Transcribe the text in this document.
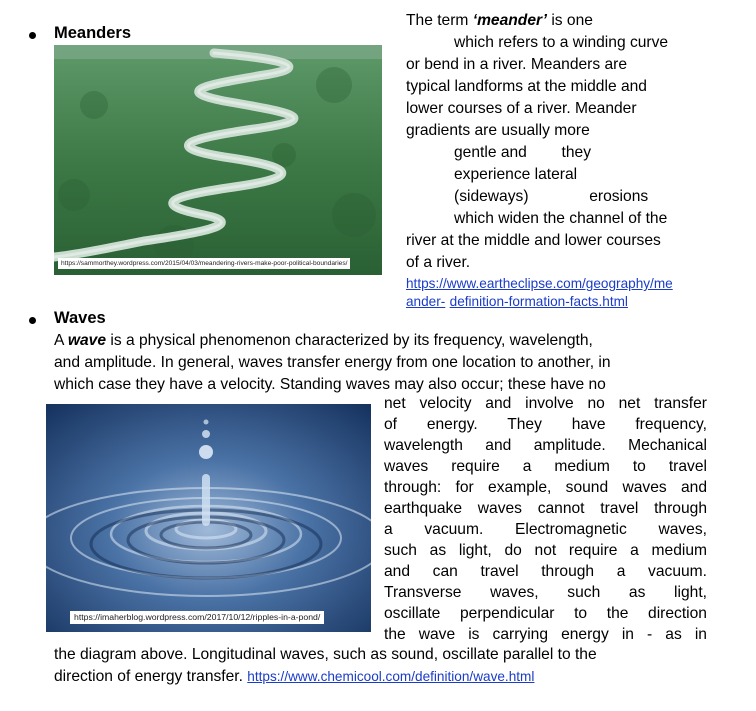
Meanders
https://sammorthey.wordpress.com/2015/04/03/meandering-rivers-make-poor-political-boundaries/
The term ‘meander’ is one
which refers to a winding curve
or bend in a river. Meanders are
typical landforms at the middle and
lower courses of a river. Meander
gradients are usually more
gentle and they
experience lateral
(sideways)	erosions
which widen the channel of the
river at the middle and lower courses
of a river.
https://www.eartheclipse.com/geography/me
ander- definition-formation-facts.html
Waves
A wave is a physical phenomenon characterized by its frequency, wavelength,
and amplitude. In general, waves transfer energy from one location to another, in
which case they have a velocity. Standing waves may also occur; these have no
https://imaherblog.wordpress.com/2017/10/12/ripples-in-a-pond/
net velocity and involve no net transfer
of energy. They have frequency,
wavelength and amplitude. Mechanical
waves require a medium to travel
through: for example, sound waves and
earthquake waves cannot travel through
a vacuum. Electromagnetic waves,
such as light, do not require a medium
and can travel through a vacuum.
Transverse waves, such as light,
oscillate perpendicular to the direction
the wave is carrying energy in - as in
the diagram above. Longitudinal waves, such as sound, oscillate parallel to the
direction of energy transfer. https://www.chemicool.com/definition/wave.html
